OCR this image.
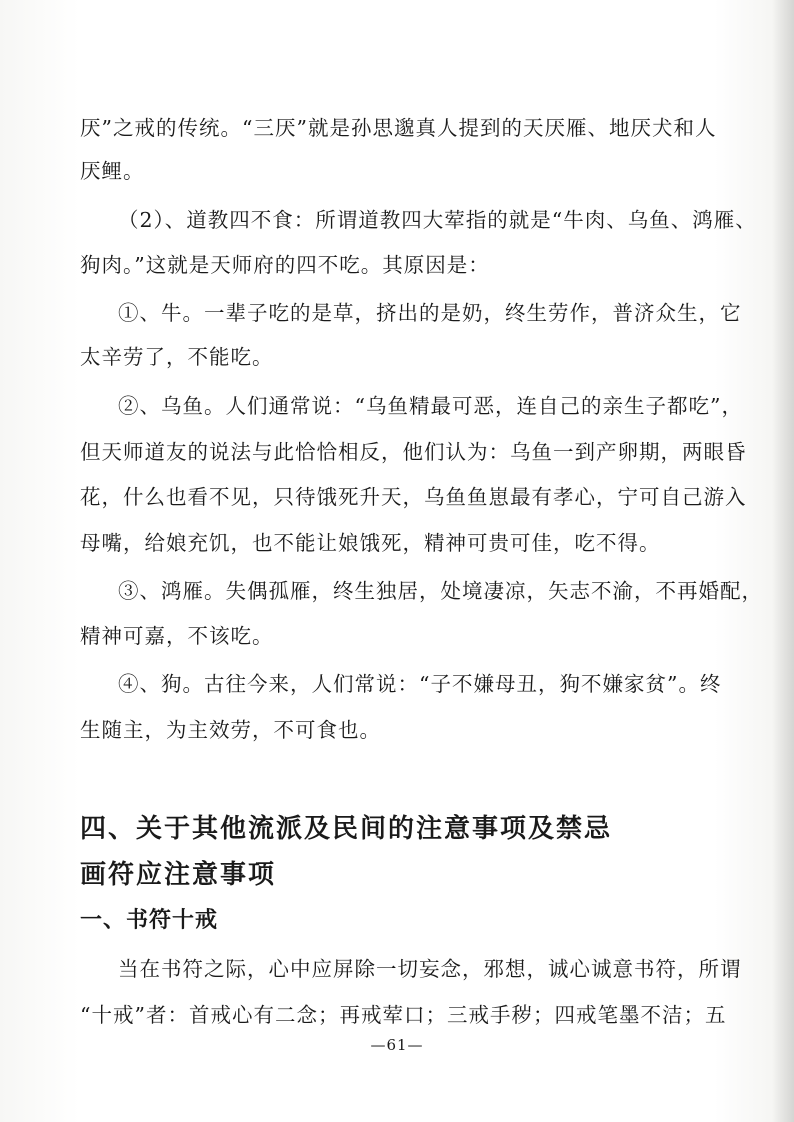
厌”之戒的传统。“三厌”就是孙思邈真人提到的天厌雁、地厌犬和人
厌鲤。
（2）、道教四不食：所谓道教四大荤指的就是“牛肉、乌鱼、鸿雁、
狗肉。”这就是天师府的四不吃。其原因是：
①、牛。一辈子吃的是草，挤出的是奶，终生劳作，普济众生，它
太辛劳了，不能吃。
②、乌鱼。人们通常说：“乌鱼精最可恶，连自己的亲生子都吃”，
但天师道友的说法与此恰恰相反，他们认为：乌鱼一到产卵期，两眼昏
花，什么也看不见，只待饿死升天，乌鱼鱼崽最有孝心，宁可自己游入
母嘴，给娘充饥，也不能让娘饿死，精神可贵可佳，吃不得。
③、鸿雁。失偶孤雁，终生独居，处境凄凉，矢志不渝，不再婚配，
精神可嘉，不该吃。
④、狗。古往今来，人们常说：“子不嫌母丑，狗不嫌家贫”。终
生随主，为主效劳，不可食也。
四、关于其他流派及民间的注意事项及禁忌
画符应注意事项
一、书符十戒
当在书符之际，心中应屏除一切妄念，邪想，诚心诚意书符，所谓
“十戒”者：首戒心有二念；再戒荤口；三戒手秽；四戒笔墨不洁；五
—61—
